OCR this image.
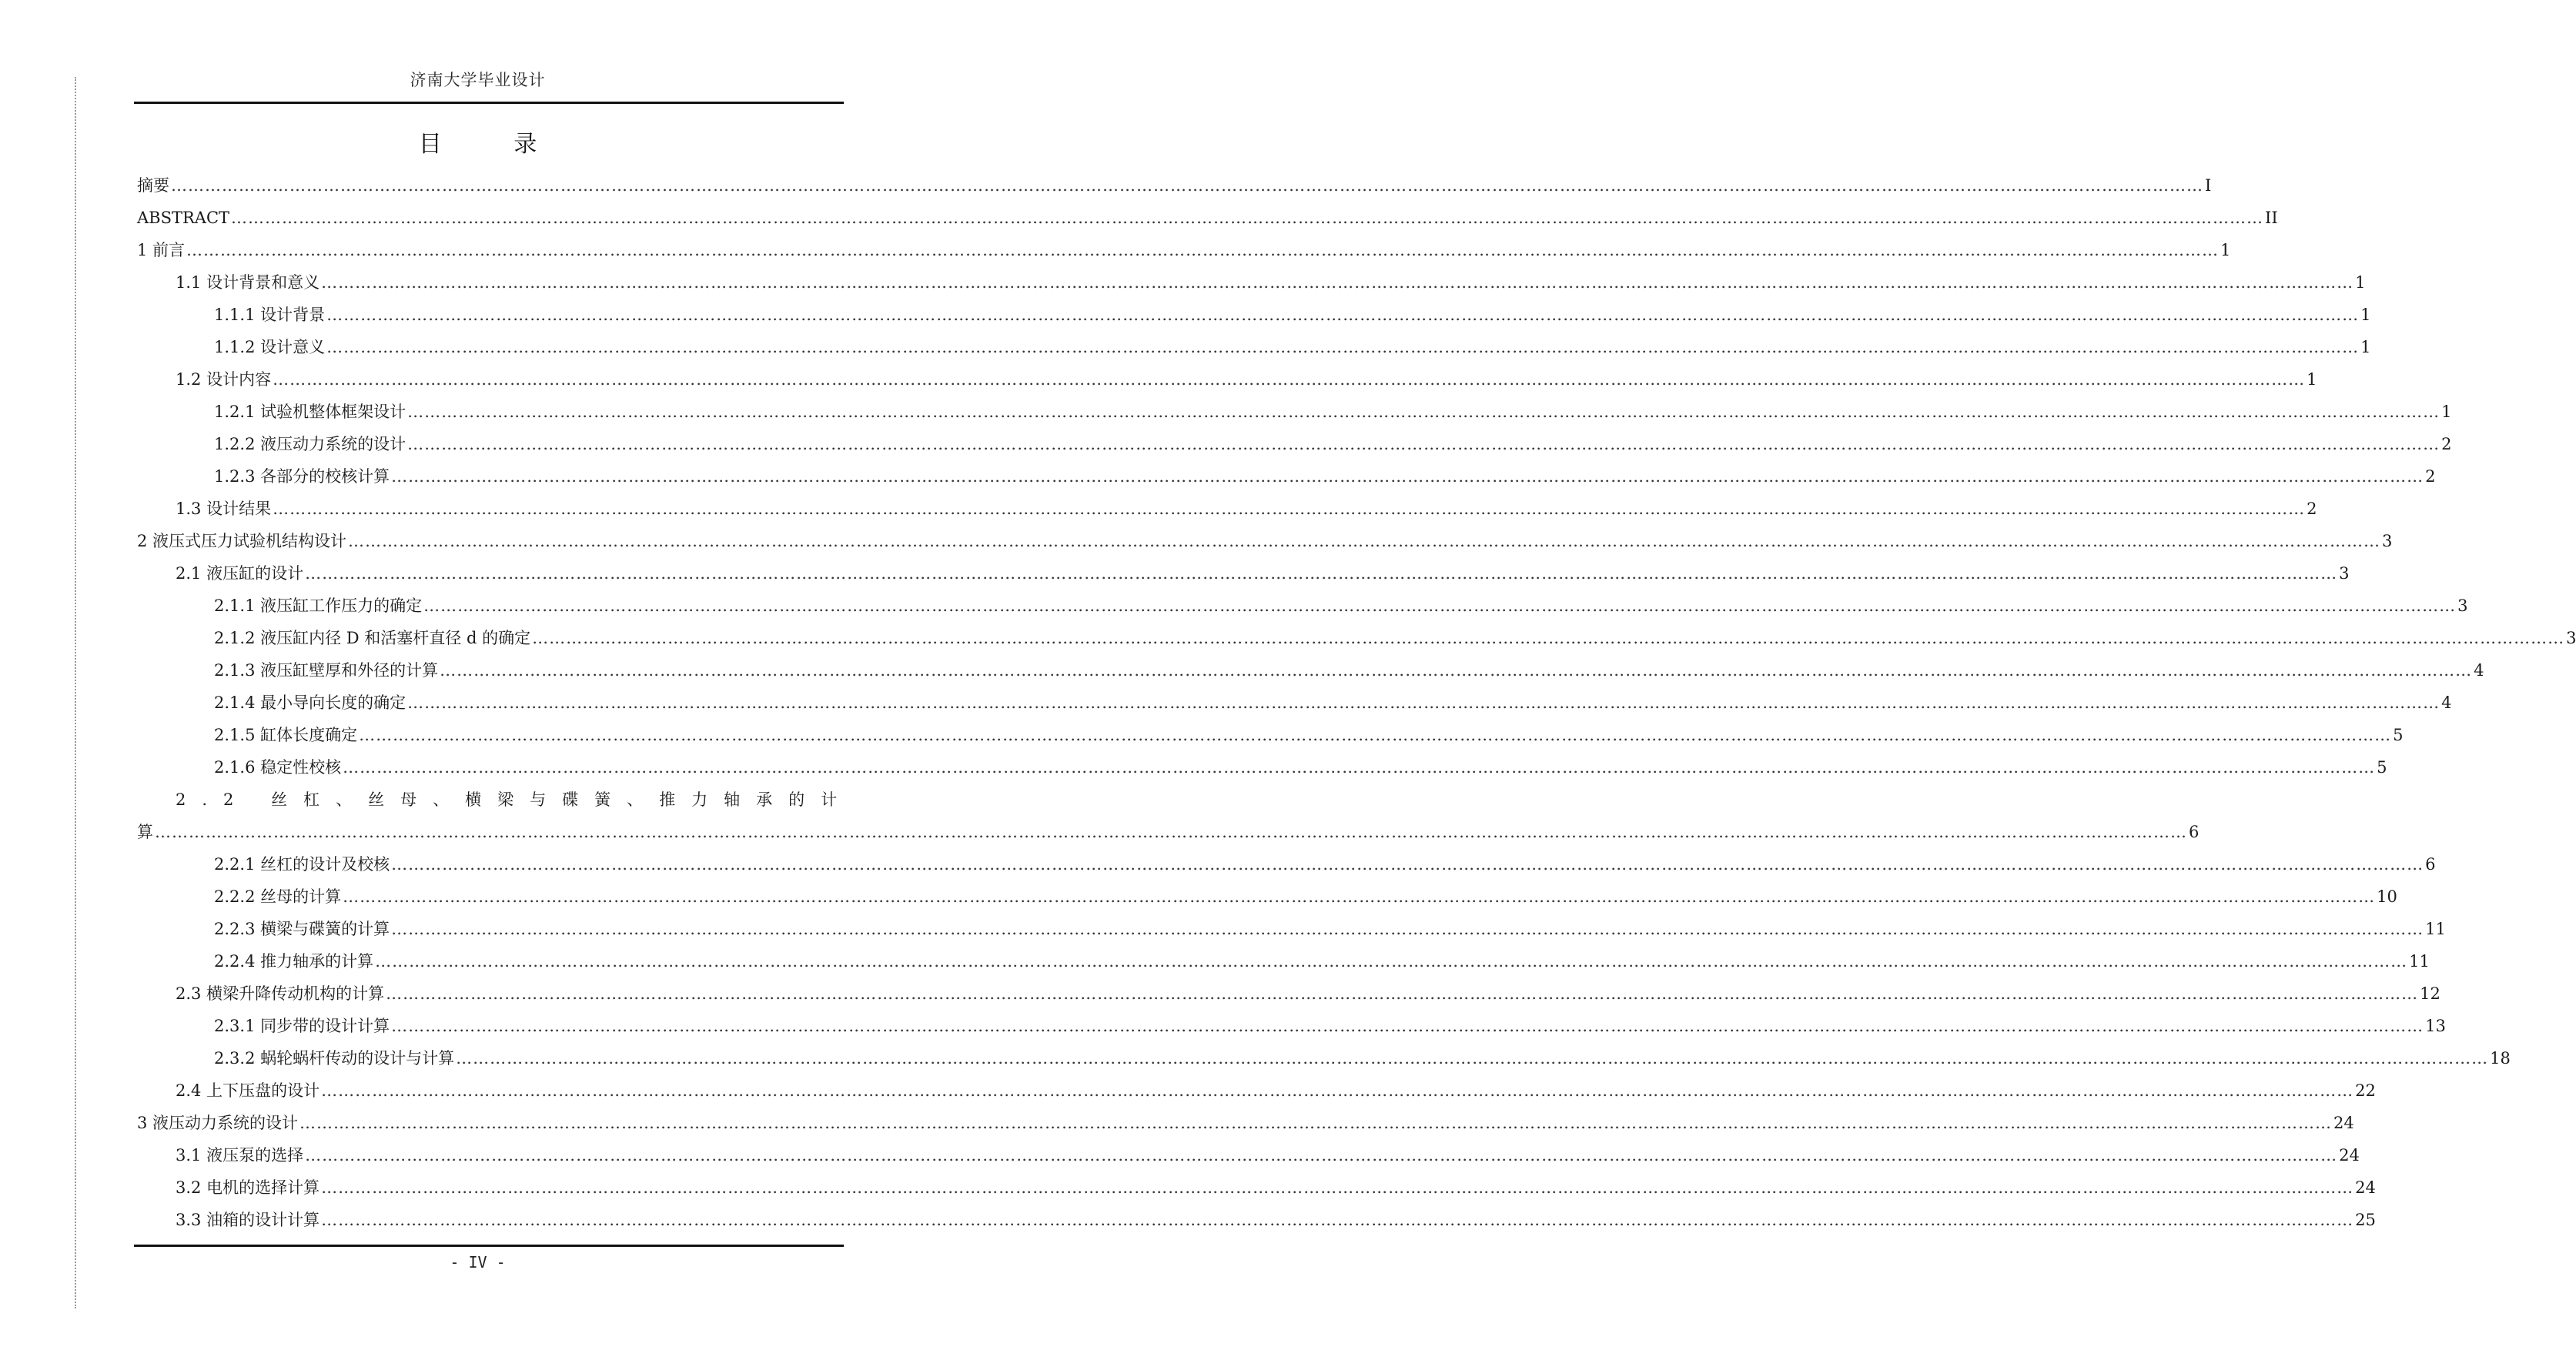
济南大学毕业设计
目 录
摘要 ……………………………………………………………………………………………………………………………………………………………………………………………………………………………………………………………………………………………………………………………… I
ABSTRACT ……………………………………………………………………………………………………………………………………………………………………………………………………………………………………………………………………………………………………………………………… II
1 前言 ……………………………………………………………………………………………………………………………………………………………………………………………………………………………………………………………………………………………………………………………… 1
1.1 设计背景和意义 ……………………………………………………………………………………………………………………………………………………………………………………………………………………………………………………………………………………………………………………………… 1
1.1.1 设计背景 ……………………………………………………………………………………………………………………………………………………………………………………………………………………………………………………………………………………………………………………………… 1
1.1.2 设计意义 ……………………………………………………………………………………………………………………………………………………………………………………………………………………………………………………………………………………………………………………………… 1
1.2 设计内容 ……………………………………………………………………………………………………………………………………………………………………………………………………………………………………………………………………………………………………………………………… 1
1.2.1 试验机整体框架设计 ……………………………………………………………………………………………………………………………………………………………………………………………………………………………………………………………………………………………………………………………… 1
1.2.2 液压动力系统的设计 ……………………………………………………………………………………………………………………………………………………………………………………………………………………………………………………………………………………………………………………………… 2
1.2.3 各部分的校核计算 ……………………………………………………………………………………………………………………………………………………………………………………………………………………………………………………………………………………………………………………………… 2
1.3 设计结果 ……………………………………………………………………………………………………………………………………………………………………………………………………………………………………………………………………………………………………………………………… 2
2 液压式压力试验机结构设计 ……………………………………………………………………………………………………………………………………………………………………………………………………………………………………………………………………………………………………………………………… 3
2.1 液压缸的设计 ……………………………………………………………………………………………………………………………………………………………………………………………………………………………………………………………………………………………………………………………… 3
2.1.1 液压缸工作压力的确定 ……………………………………………………………………………………………………………………………………………………………………………………………………………………………………………………………………………………………………………………………… 3
2.1.2 液压缸内径 D 和活塞杆直径 d 的确定 ……………………………………………………………………………………………………………………………………………………………………………………………………………………………………………………………………………………………………………………………… 3
2.1.3 液压缸壁厚和外径的计算 ……………………………………………………………………………………………………………………………………………………………………………………………………………………………………………………………………………………………………………………………… 4
2.1.4 最小导向长度的确定 ……………………………………………………………………………………………………………………………………………………………………………………………………………………………………………………………………………………………………………………………… 4
2.1.5 缸体长度确定 ……………………………………………………………………………………………………………………………………………………………………………………………………………………………………………………………………………………………………………………………… 5
2.1.6 稳定性校核 ……………………………………………………………………………………………………………………………………………………………………………………………………………………………………………………………………………………………………………………………… 5
2.2 丝杠、丝母、横梁与碟簧、推力轴承的计
算 ……………………………………………………………………………………………………………………………………………………………………………………………………………………………………………………………………………………………………………………………… 6
2.2.1 丝杠的设计及校核 ……………………………………………………………………………………………………………………………………………………………………………………………………………………………………………………………………………………………………………………………… 6
2.2.2 丝母的计算 ……………………………………………………………………………………………………………………………………………………………………………………………………………………………………………………………………………………………………………………………… 10
2.2.3 横梁与碟簧的计算 ……………………………………………………………………………………………………………………………………………………………………………………………………………………………………………………………………………………………………………………………… 11
2.2.4 推力轴承的计算 ……………………………………………………………………………………………………………………………………………………………………………………………………………………………………………………………………………………………………………………………… 11
2.3 横梁升降传动机构的计算 ……………………………………………………………………………………………………………………………………………………………………………………………………………………………………………………………………………………………………………………………… 12
2.3.1 同步带的设计计算 ……………………………………………………………………………………………………………………………………………………………………………………………………………………………………………………………………………………………………………………………… 13
2.3.2 蜗轮蜗杆传动的设计与计算 ……………………………………………………………………………………………………………………………………………………………………………………………………………………………………………………………………………………………………………………………… 18
2.4 上下压盘的设计 ……………………………………………………………………………………………………………………………………………………………………………………………………………………………………………………………………………………………………………………………… 22
3 液压动力系统的设计 ……………………………………………………………………………………………………………………………………………………………………………………………………………………………………………………………………………………………………………………………… 24
3.1 液压泵的选择 ……………………………………………………………………………………………………………………………………………………………………………………………………………………………………………………………………………………………………………………………… 24
3.2 电机的选择计算 ……………………………………………………………………………………………………………………………………………………………………………………………………………………………………………………………………………………………………………………………… 24
3.3 油箱的设计计算 ……………………………………………………………………………………………………………………………………………………………………………………………………………………………………………………………………………………………………………………………… 25
- IV -
